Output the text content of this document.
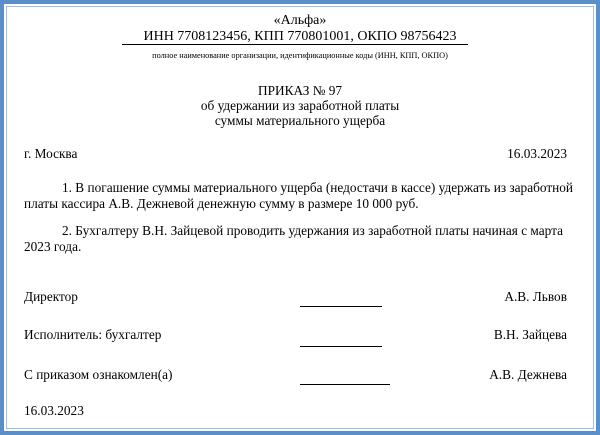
«Альфа»
ИНН 7708123456, КПП 770801001, ОКПО 98756423
полное наименование организации, идентификационные коды (ИНН, КПП, ОКПО)
ПРИКАЗ № 97
об удержании из заработной платы
суммы материального ущерба
г. Москва	16.03.2023
1. В погашение суммы материального ущерба (недостачи в кассе) удержать из заработной платы кассира А.В. Дежневой денежную сумму в размере 10 000 руб.
2. Бухгалтеру В.Н. Зайцевой проводить удержания из заработной платы начиная с марта 2023 года.
Директор	А.В. Львов
Исполнитель: бухгалтер	В.Н. Зайцева
С приказом ознакомлен(а)	А.В. Дежнева
16.03.2023
